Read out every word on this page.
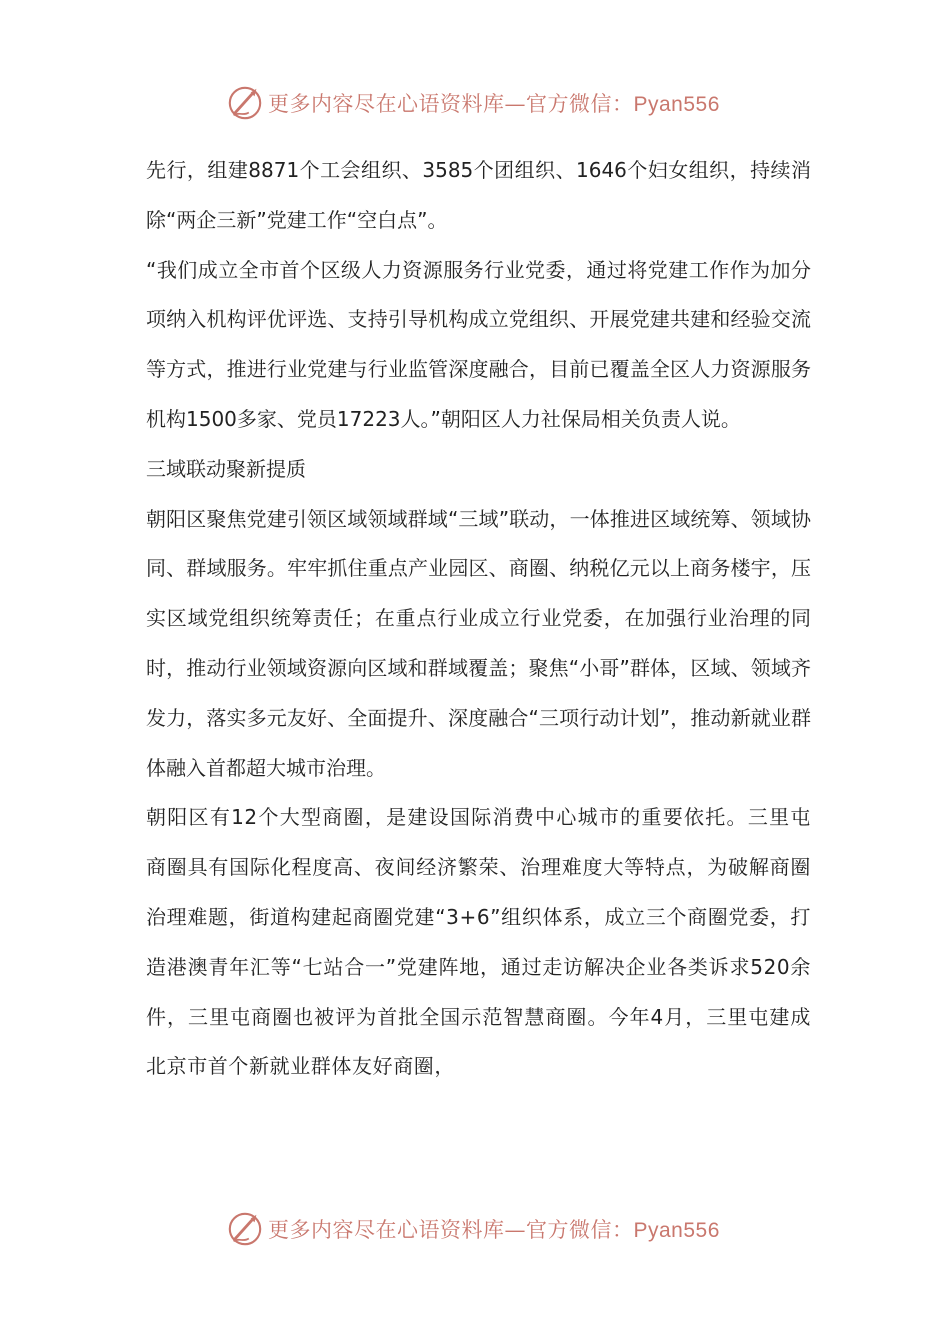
更多内容尽在心语资料库—官方微信：Pyan556

先行，组建8871个工会组织、3585个团组织、1646个妇女组织，持续消除“两企三新”党建工作“空白点”。

“我们成立全市首个区级人力资源服务行业党委，通过将党建工作作为加分项纳入机构评优评选、支持引导机构成立党组织、开展党建共建和经验交流等方式，推进行业党建与行业监管深度融合，目前已覆盖全区人力资源服务机构1500多家、党员17223人。”朝阳区人力社保局相关负责人说。

三域联动聚新提质

朝阳区聚焦党建引领区域领域群域“三域”联动，一体推进区域统筹、领域协同、群域服务。牢牢抓住重点产业园区、商圈、纳税亿元以上商务楼宇，压实区域党组织统筹责任；在重点行业成立行业党委，在加强行业治理的同时，推动行业领域资源向区域和群域覆盖；聚焦“小哥”群体，区域、领域齐发力，落实多元友好、全面提升、深度融合“三项行动计划”，推动新就业群体融入首都超大城市治理。

朝阳区有12个大型商圈，是建设国际消费中心城市的重要依托。三里屯商圈具有国际化程度高、夜间经济繁荣、治理难度大等特点，为破解商圈治理难题，街道构建起商圈党建“3+6”组织体系，成立三个商圈党委，打造港澳青年汇等“七站合一”党建阵地，通过走访解决企业各类诉求520余件，三里屯商圈也被评为首批全国示范智慧商圈。今年4月，三里屯建成北京市首个新就业群体友好商圈，

更多内容尽在心语资料库—官方微信：Pyan556
